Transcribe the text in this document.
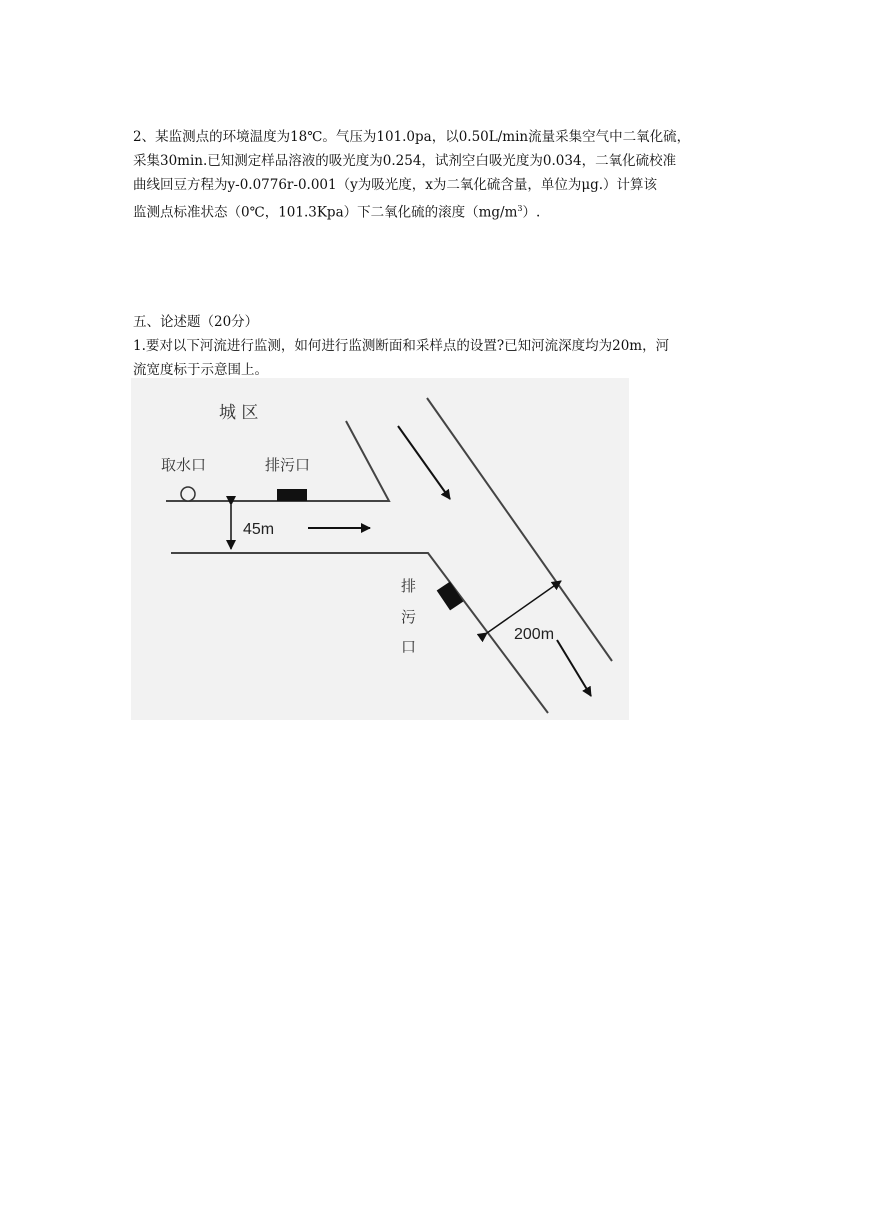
2、某监测点的环境温度为18℃。气压为101.0pa，以0.50L/min流量采集空气中二氧化硫，
采集30min.已知测定样品溶液的吸光度为0.254，试剂空白吸光度为0.034，二氧化硫校准
曲线回豆方程为y-0.0776r-0.001（y为吸光度，x为二氧化硫含量，单位为μg.）计算该
监测点标准状态（0℃，101.3Kpa）下二氧化硫的滚度$(mg/m^3)$.
五、论述题（20分）
1.要对以下河流进行监测，如何进行监测断面和采样点的设置?已知河流深度均为20m，河
流宽度标于示意围上。
城 区
取水口	排污口
排
污
口
45m
200m
